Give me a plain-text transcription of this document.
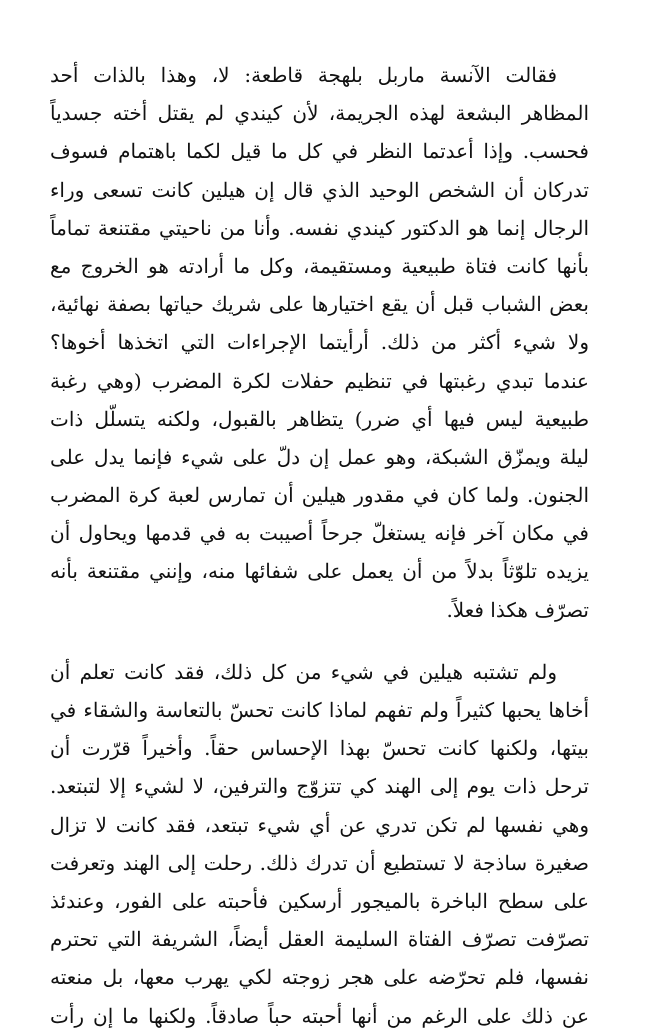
فقالت الآنسة ماربل بلهجة قاطعة: لا، وهذا بالذات أحد
المظاهر البشعة لهذه الجريمة، لأن كيندي لم يقتل أخته جسدياً
فحسب. وإذا أعدتما النظر في كل ما قيل لكما باهتمام فسوف
تدركان أن الشخص الوحيد الذي قال إن هيلين كانت تسعى وراء
الرجال إنما هو الدكتور كيندي نفسه. وأنا من ناحيتي مقتنعة تماماً
بأنها كانت فتاة طبيعية ومستقيمة، وكل ما أرادته هو الخروج مع
بعض الشباب قبل أن يقع اختيارها على شريك حياتها بصفة نهائية،
ولا شيء أكثر من ذلك. أرأيتما الإجراءات التي اتخذها أخوها؟
عندما تبدي رغبتها في تنظيم حفلات لكرة المضرب (وهي رغبة
طبيعية ليس فيها أي ضرر) يتظاهر بالقبول، ولكنه يتسلّل ذات
ليلة ويمزّق الشبكة، وهو عمل إن دلّ على شيء فإنما يدل على
الجنون. ولما كان في مقدور هيلين أن تمارس لعبة كرة المضرب
في مكان آخر فإنه يستغلّ جرحاً أصيبت به في قدمها ويحاول أن
يزيده تلوّثاً بدلاً من أن يعمل على شفائها منه، وإنني مقتنعة بأنه
تصرّف هكذا فعلاً.
ولم تشتبه هيلين في شيء من كل ذلك، فقد كانت تعلم أن
أخاها يحبها كثيراً ولم تفهم لماذا كانت تحسّ بالتعاسة والشقاء في
بيتها، ولكنها كانت تحسّ بهذا الإحساس حقاً. وأخيراً قرّرت أن
ترحل ذات يوم إلى الهند كي تتزوّج والترفين، لا لشيء إلا لتبتعد.
وهي نفسها لم تكن تدري عن أي شيء تبتعد، فقد كانت لا تزال
صغيرة ساذجة لا تستطيع أن تدرك ذلك. رحلت إلى الهند وتعرفت
على سطح الباخرة بالميجور أرسكين فأحبته على الفور، وعندئذ
تصرّفت تصرّف الفتاة السليمة العقل أيضاً، الشريفة التي تحترم
نفسها، فلم تحرّضه على هجر زوجته لكي يهرب معها، بل منعته
عن ذلك على الرغم من أنها أحبته حباً صادقاً. ولكنها ما إن رأت
